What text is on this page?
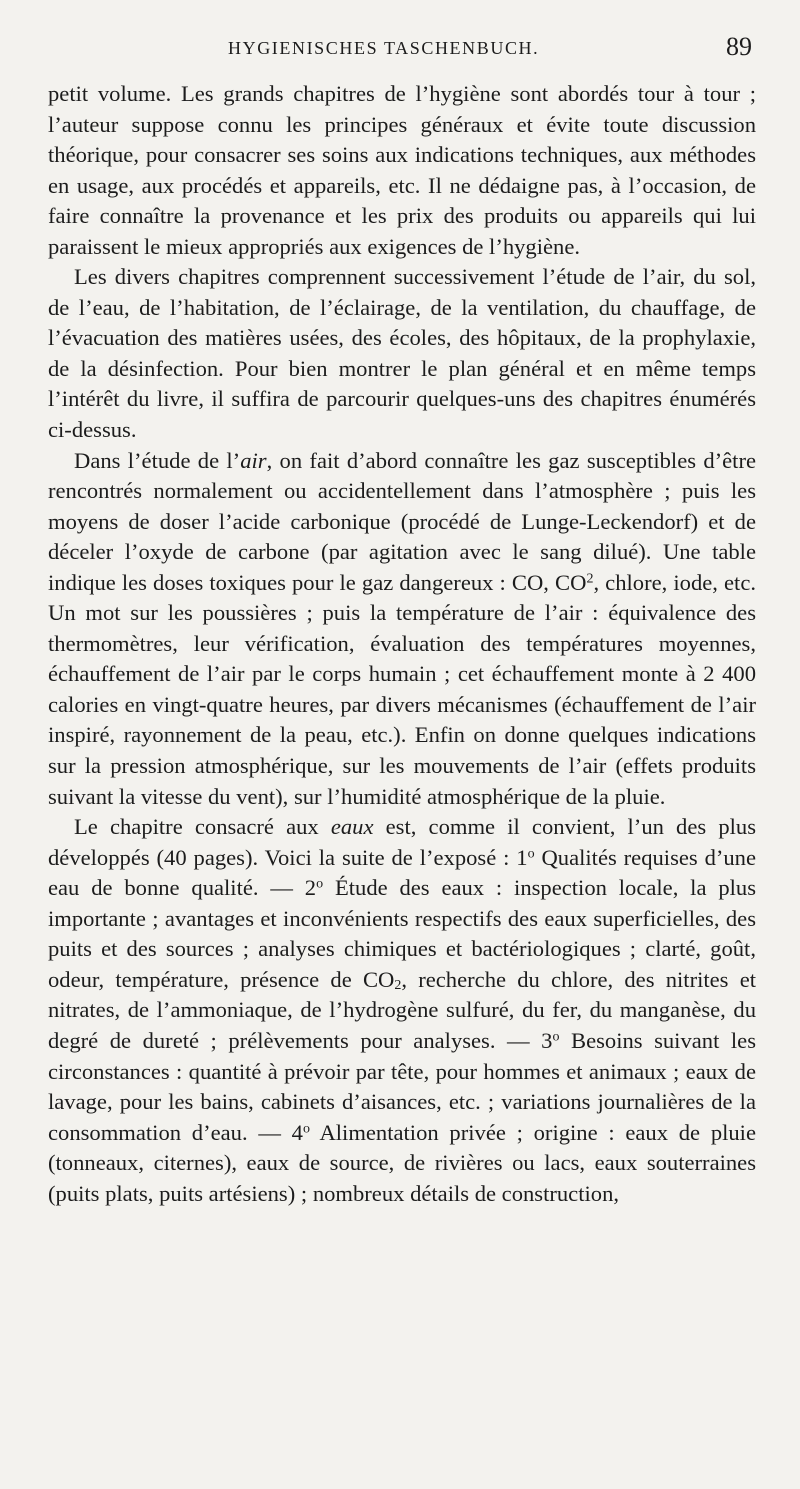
HYGIENISCHES TASCHENBUCH.	89

petit volume. Les grands chapitres de l’hygiène sont abordés tour à tour ; l’auteur suppose connu les principes généraux et évite toute discussion théorique, pour consacrer ses soins aux indications techniques, aux méthodes en usage, aux procédés et appareils, etc. Il ne dédaigne pas, à l’occasion, de faire connaître la provenance et les prix des produits ou appareils qui lui paraissent le mieux appropriés aux exigences de l’hygiène.

Les divers chapitres comprennent successivement l’étude de l’air, du sol, de l’eau, de l’habitation, de l’éclairage, de la ventilation, du chauffage, de l’évacuation des matières usées, des écoles, des hôpitaux, de la prophylaxie, de la désinfection. Pour bien montrer le plan général et en même temps l’intérêt du livre, il suffira de parcourir quelques-uns des chapitres énumérés ci-dessus.

Dans l’étude de l’air, on fait d’abord connaître les gaz susceptibles d’être rencontrés normalement ou accidentellement dans l’atmosphère ; puis les moyens de doser l’acide carbonique (procédé de Lunge-Leckendorf) et de déceler l’oxyde de carbone (par agitation avec le sang dilué). Une table indique les doses toxiques pour le gaz dangereux : CO, $CO^2$, chlore, iode, etc. Un mot sur les poussières ; puis la température de l’air : équivalence des thermomètres, leur vérification, évaluation des températures moyennes, échauffement de l’air par le corps humain ; cet échauffement monte à 2 400 calories en vingt-quatre heures, par divers mécanismes (échauffement de l’air inspiré, rayonnement de la peau, etc.). Enfin on donne quelques indications sur la pression atmosphérique, sur les mouvements de l’air (effets produits suivant la vitesse du vent), sur l’humidité atmosphérique de la pluie.

Le chapitre consacré aux eaux est, comme il convient, l’un des plus développés (40 pages). Voici la suite de l’exposé : 1$^o$ Qualités requises d’une eau de bonne qualité. — 2$^o$ Étude des eaux : inspection locale, la plus importante ; avantages et inconvénients respectifs des eaux superficielles, des puits et des sources ; analyses chimiques et bactériologiques ; clarté, goût, odeur, température, présence de $CO_2$, recherche du chlore, des nitrites et nitrates, de l’ammoniaque, de l’hydrogène sulfuré, du fer, du manganèse, du degré de dureté ; prélèvements pour analyses. — 3$^o$ Besoins suivant les circonstances : quantité à prévoir par tête, pour hommes et animaux ; eaux de lavage, pour les bains, cabinets d’aisances, etc. ; variations journalières de la consommation d’eau. — 4$^o$ Alimentation privée ; origine : eaux de pluie (tonneaux, citernes), eaux de source, de rivières ou lacs, eaux souterraines (puits plats, puits artésiens) ; nombreux détails de construction,
